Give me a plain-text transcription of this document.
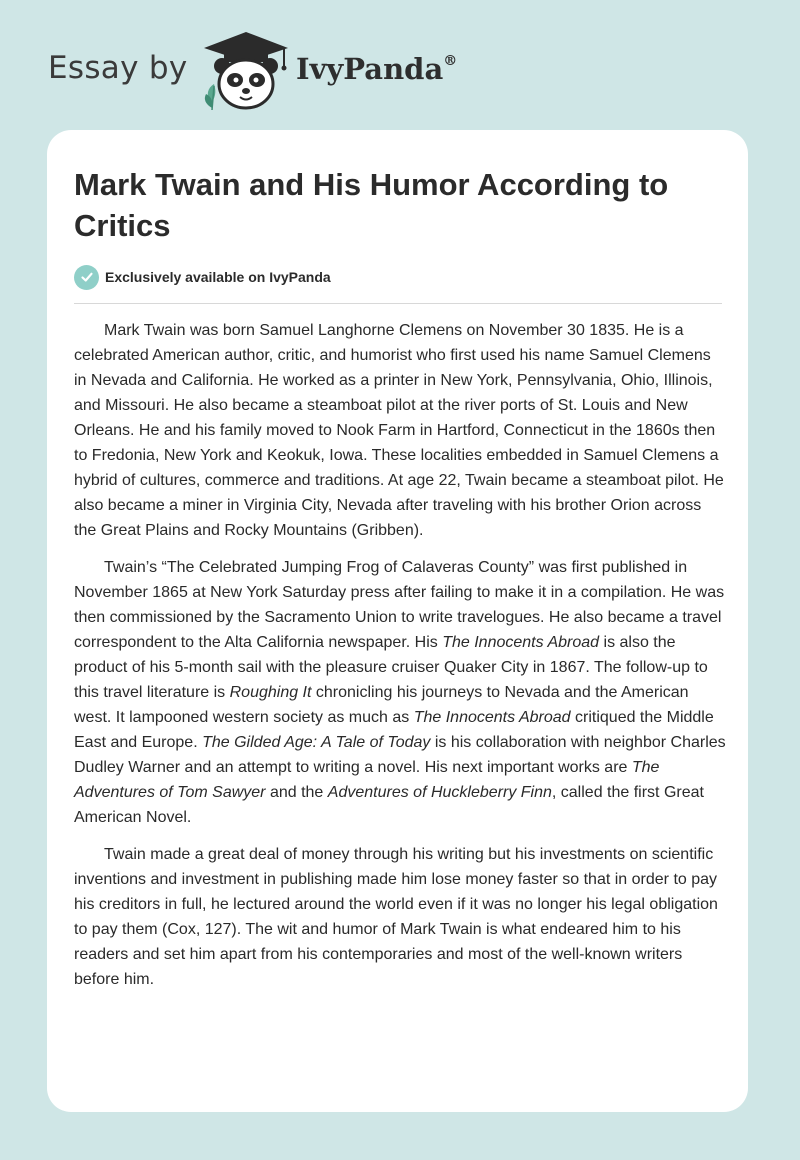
Essay by	IvyPanda®
Mark Twain and His Humor According to Critics
Exclusively available on IvyPanda

Mark Twain was born Samuel Langhorne Clemens on November 30 1835. He is a celebrated American author, critic, and humorist who first used his name Samuel Clemens in Nevada and California. He worked as a printer in New York, Pennsylvania, Ohio, Illinois, and Missouri. He also became a steamboat pilot at the river ports of St. Louis and New Orleans. He and his family moved to Nook Farm in Hartford, Connecticut in the 1860s then to Fredonia, New York and Keokuk, Iowa. These localities embedded in Samuel Clemens a hybrid of cultures, commerce and traditions. At age 22, Twain became a steamboat pilot. He also became a miner in Virginia City, Nevada after traveling with his brother Orion across the Great Plains and Rocky Mountains (Gribben).

Twain’s “The Celebrated Jumping Frog of Calaveras County” was first published in November 1865 at New York Saturday press after failing to make it in a compilation. He was then commissioned by the Sacramento Union to write travelogues. He also became a travel correspondent to the Alta California newspaper. His The Innocents Abroad is also the product of his 5-month sail with the pleasure cruiser Quaker City in 1867. The follow-up to this travel literature is Roughing It chronicling his journeys to Nevada and the American west. It lampooned western society as much as The Innocents Abroad critiqued the Middle East and Europe. The Gilded Age: A Tale of Today is his collaboration with neighbor Charles Dudley Warner and an attempt to writing a novel. His next important works are The Adventures of Tom Sawyer and the Adventures of Huckleberry Finn, called the first Great American Novel.

Twain made a great deal of money through his writing but his investments on scientific inventions and investment in publishing made him lose money faster so that in order to pay his creditors in full, he lectured around the world even if it was no longer his legal obligation to pay them (Cox, 127). The wit and humor of Mark Twain is what endeared him to his readers and set him apart from his contemporaries and most of the well-known writers before him.
